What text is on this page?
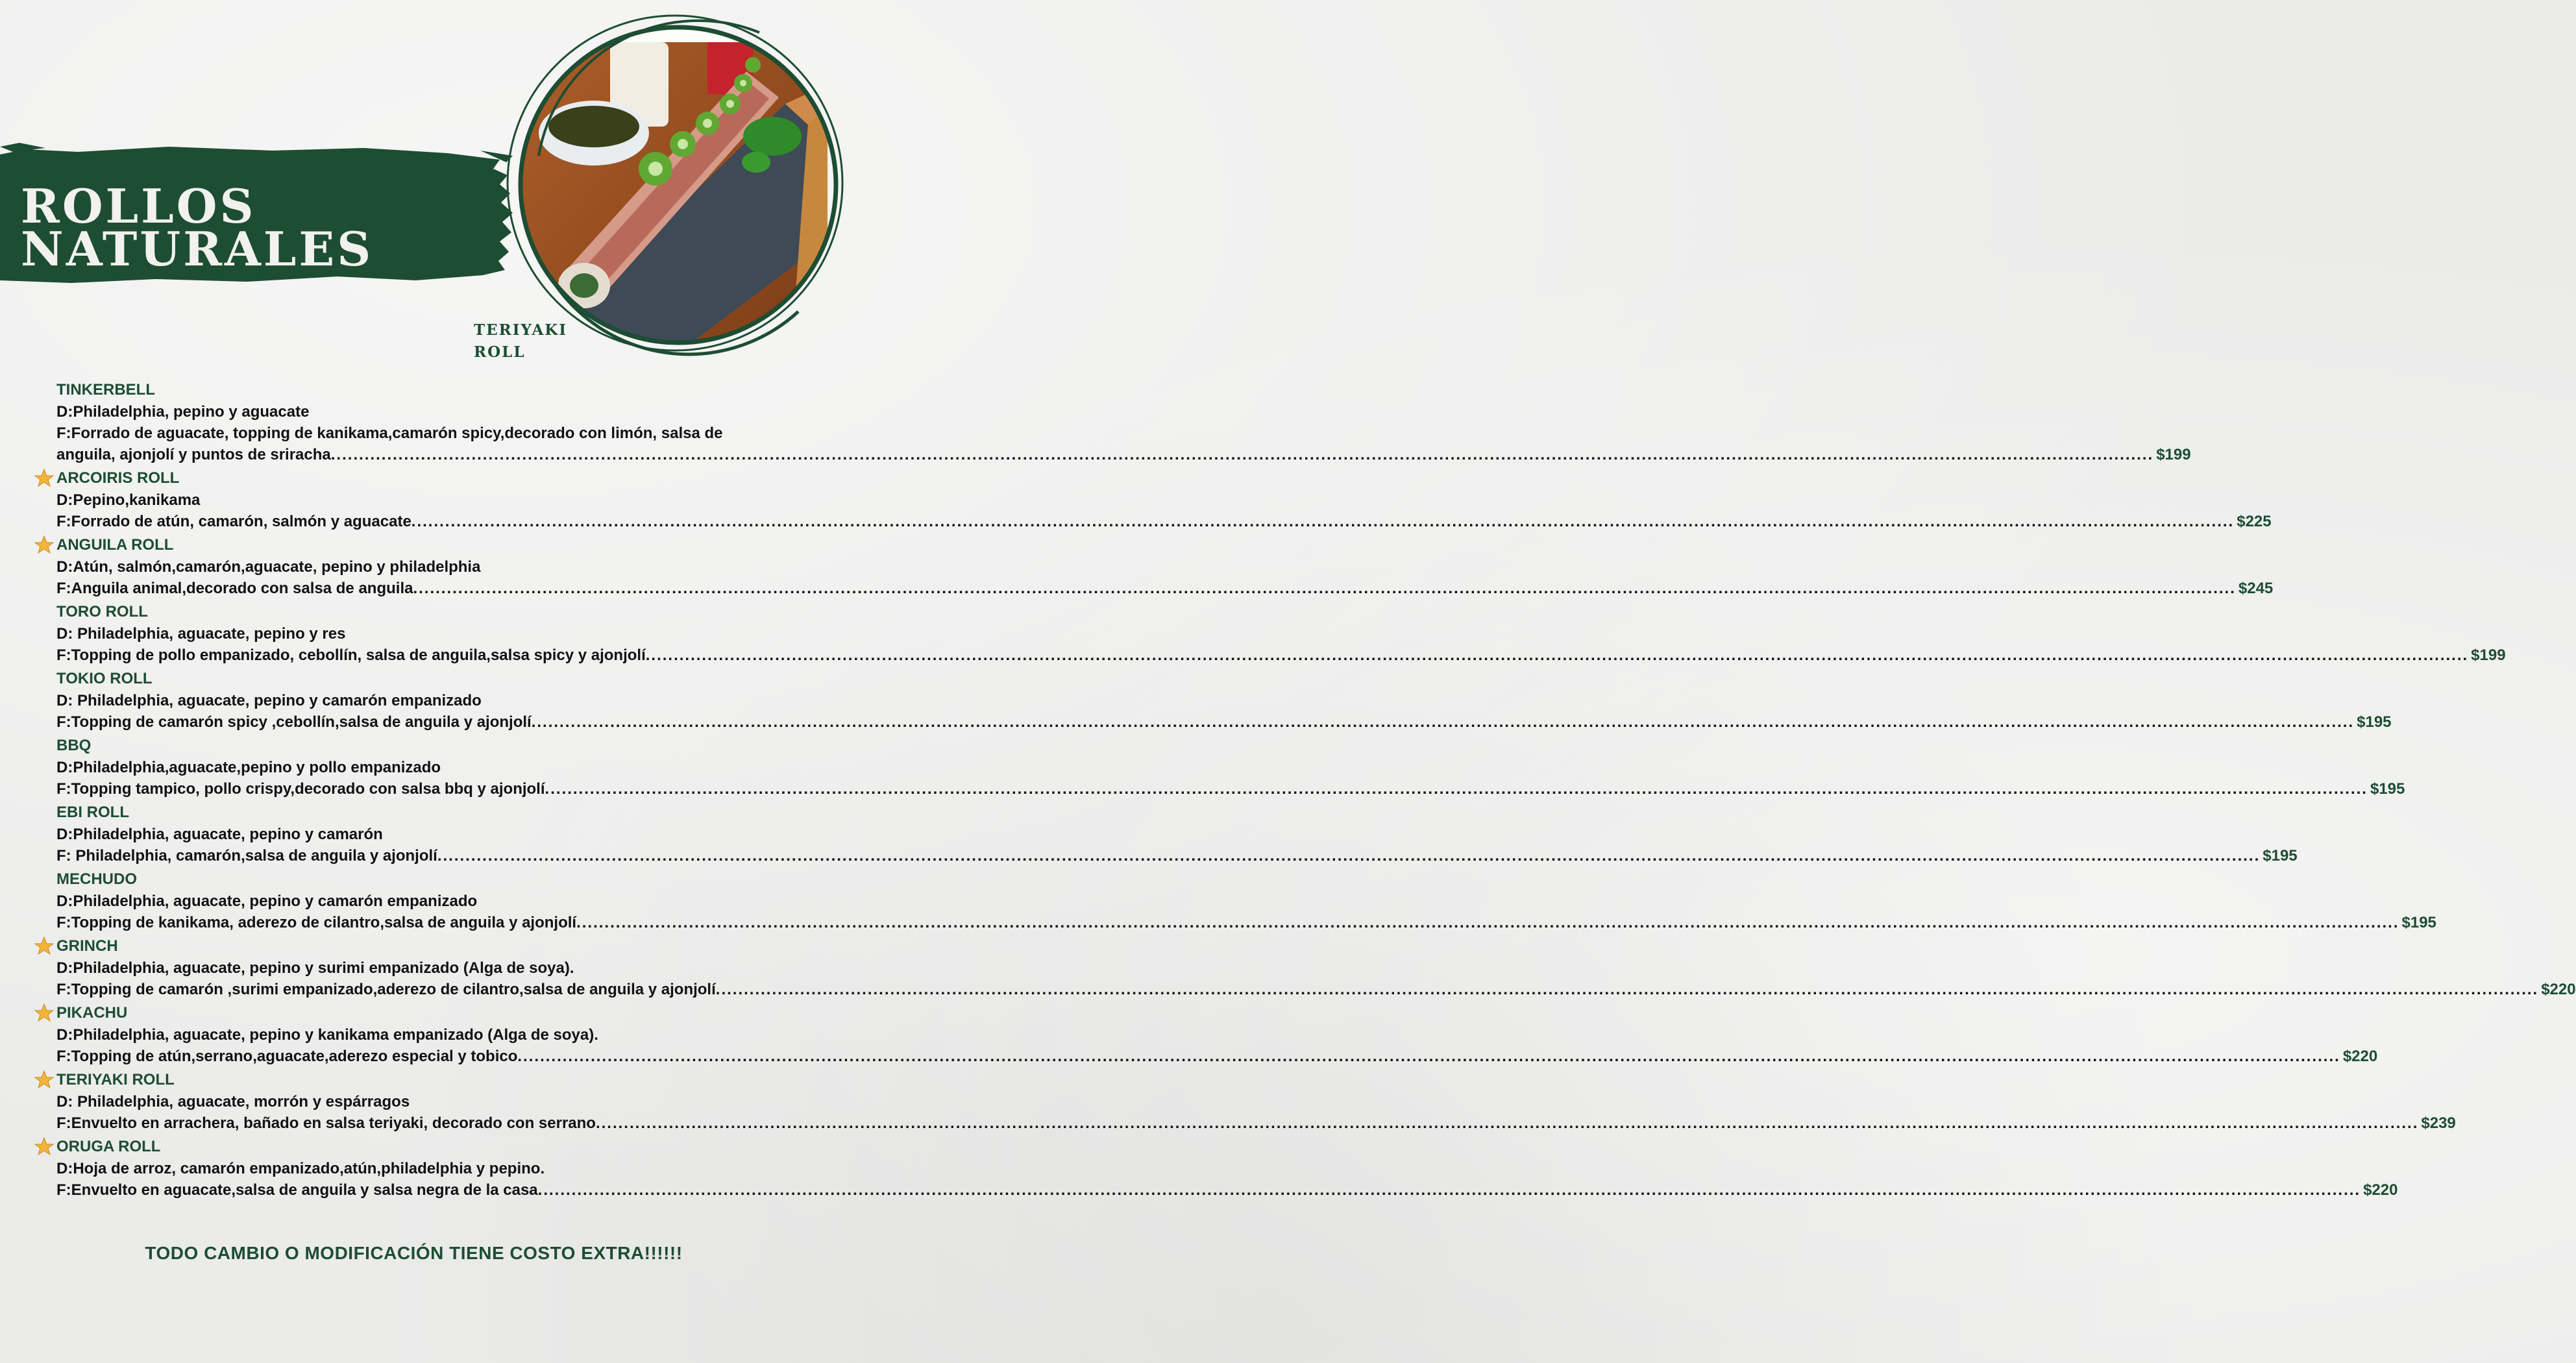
ROLLOS
NATURALES
TERIYAKI
ROLL
TINKERBELL
D:Philadelphia, pepino y aguacate
F:Forrado de aguacate, topping de kanikama,camarón spicy,decorado con limón, salsa de
anguila, ajonjolí y puntos de sriracha .....	$199
ARCOIRIS ROLL
D:Pepino,kanikama
F:Forrado de atún, camarón, salmón y aguacate .....	$225
ANGUILA ROLL
D:Atún, salmón,camarón,aguacate, pepino y philadelphia
F:Anguila animal,decorado con salsa de anguila .....	$245
TORO ROLL
D: Philadelphia, aguacate, pepino y res
F:Topping de pollo empanizado, cebollín, salsa de anguila,salsa spicy y ajonjolí .....	$199
TOKIO ROLL
D: Philadelphia, aguacate, pepino y camarón empanizado
F:Topping de camarón spicy ,cebollín,salsa de anguila y ajonjolí .....	$195
BBQ
D:Philadelphia,aguacate,pepino y pollo empanizado
F:Topping tampico, pollo crispy,decorado con salsa bbq y ajonjolí .....	$195
EBI ROLL
D:Philadelphia, aguacate, pepino y camarón
F: Philadelphia, camarón,salsa de anguila y ajonjolí .....	$195
MECHUDO
D:Philadelphia, aguacate, pepino y camarón empanizado
F:Topping de kanikama, aderezo de cilantro,salsa de anguila y ajonjolí .....	$195
GRINCH
D:Philadelphia, aguacate, pepino y surimi empanizado (Alga de soya).
F:Topping de camarón ,surimi empanizado,aderezo de cilantro,salsa de anguila y ajonjolí .....	$220
PIKACHU
D:Philadelphia, aguacate, pepino y kanikama empanizado (Alga de soya).
F:Topping de atún,serrano,aguacate,aderezo especial y tobico .....	$220
TERIYAKI ROLL
D: Philadelphia, aguacate, morrón y espárragos
F:Envuelto en arrachera, bañado en salsa teriyaki, decorado con serrano .....	$239
ORUGA ROLL
D:Hoja de arroz, camarón empanizado,atún,philadelphia y pepino.
F:Envuelto en aguacate,salsa de anguila y salsa negra de la casa .....	$220

TODO CAMBIO O MODIFICACIÓN TIENE COSTO EXTRA!!!!!!
